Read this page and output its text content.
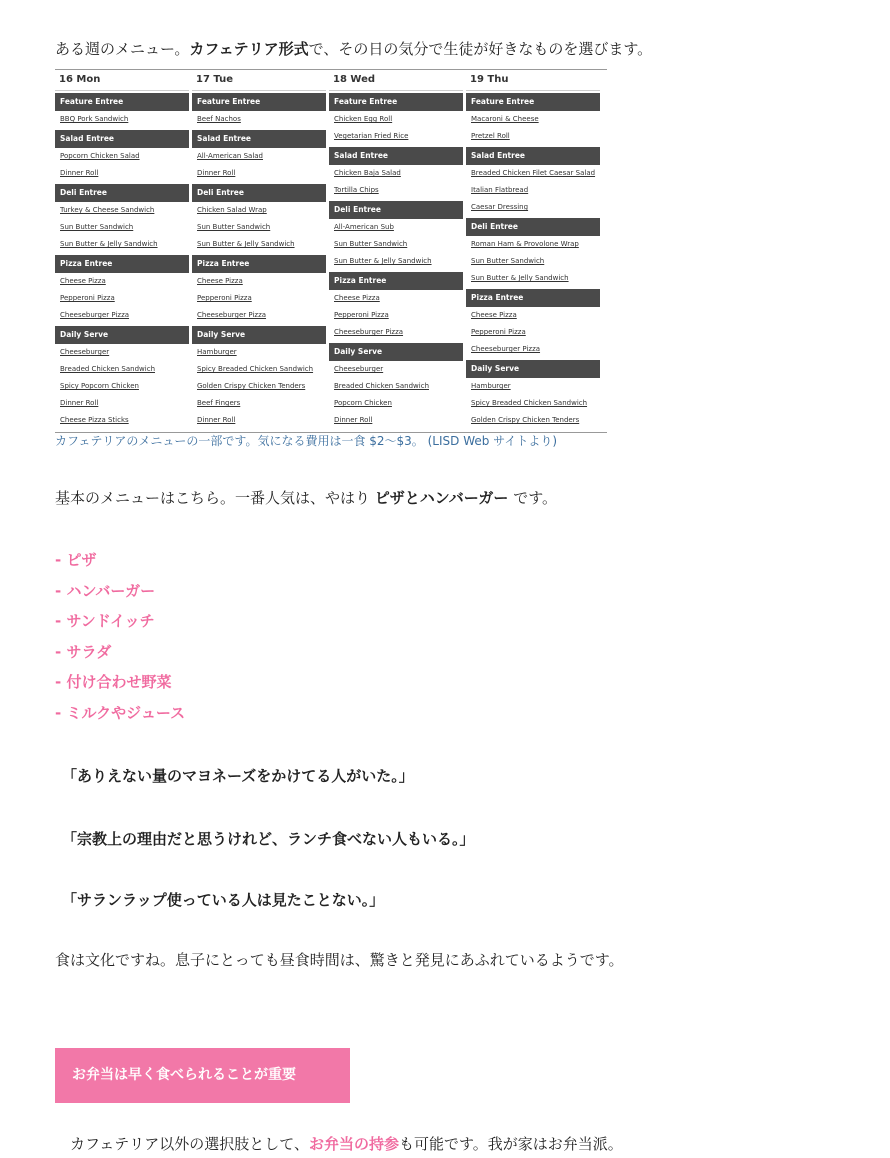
ある週のメニュー。カフェテリア形式で、その日の気分で生徒が好きなものを選びます。
16 Mon
Feature Entree
BBQ Pork Sandwich
Salad Entree
Popcorn Chicken Salad
Dinner Roll
Deli Entree
Turkey & Cheese Sandwich
Sun Butter Sandwich
Sun Butter & Jelly Sandwich
Pizza Entree
Cheese Pizza
Pepperoni Pizza
Cheeseburger Pizza
Daily Serve
Cheeseburger
Breaded Chicken Sandwich
Spicy Popcorn Chicken
Dinner Roll
Cheese Pizza Sticks
17 Tue
Feature Entree
Beef Nachos
Salad Entree
All-American Salad
Dinner Roll
Deli Entree
Chicken Salad Wrap
Sun Butter Sandwich
Sun Butter & Jelly Sandwich
Pizza Entree
Cheese Pizza
Pepperoni Pizza
Cheeseburger Pizza
Daily Serve
Hamburger
Spicy Breaded Chicken Sandwich
Golden Crispy Chicken Tenders
Beef Fingers
Dinner Roll
18 Wed
Feature Entree
Chicken Egg Roll
Vegetarian Fried Rice
Salad Entree
Chicken Baja Salad
Tortilla Chips
Deli Entree
All-American Sub
Sun Butter Sandwich
Sun Butter & Jelly Sandwich
Pizza Entree
Cheese Pizza
Pepperoni Pizza
Cheeseburger Pizza
Daily Serve
Cheeseburger
Breaded Chicken Sandwich
Popcorn Chicken
Dinner Roll
19 Thu
Feature Entree
Macaroni & Cheese
Pretzel Roll
Salad Entree
Breaded Chicken Filet Caesar Salad
Italian Flatbread
Caesar Dressing
Deli Entree
Roman Ham & Provolone Wrap
Sun Butter Sandwich
Sun Butter & Jelly Sandwich
Pizza Entree
Cheese Pizza
Pepperoni Pizza
Cheeseburger Pizza
Daily Serve
Hamburger
Spicy Breaded Chicken Sandwich
Golden Crispy Chicken Tenders
カフェテリアのメニューの一部です。気になる費用は一食 $2〜$3。 (LISD Web サイトより)
基本のメニューはこちら。一番人気は、やはり ピザとハンバーガー です。
- ピザ
- ハンバーガー
- サンドイッチ
- サラダ
- 付け合わせ野菜
- ミルクやジュース
「ありえない量のマヨネーズをかけてる人がいた。」
「宗教上の理由だと思うけれど、ランチ食べない人もいる。」
「サランラップ使っている人は見たことない。」
食は文化ですね。息子にとっても昼食時間は、驚きと発見にあふれているようです。
お弁当は早く食べられることが重要
カフェテリア以外の選択肢として、お弁当の持参も可能です。我が家はお弁当派。
